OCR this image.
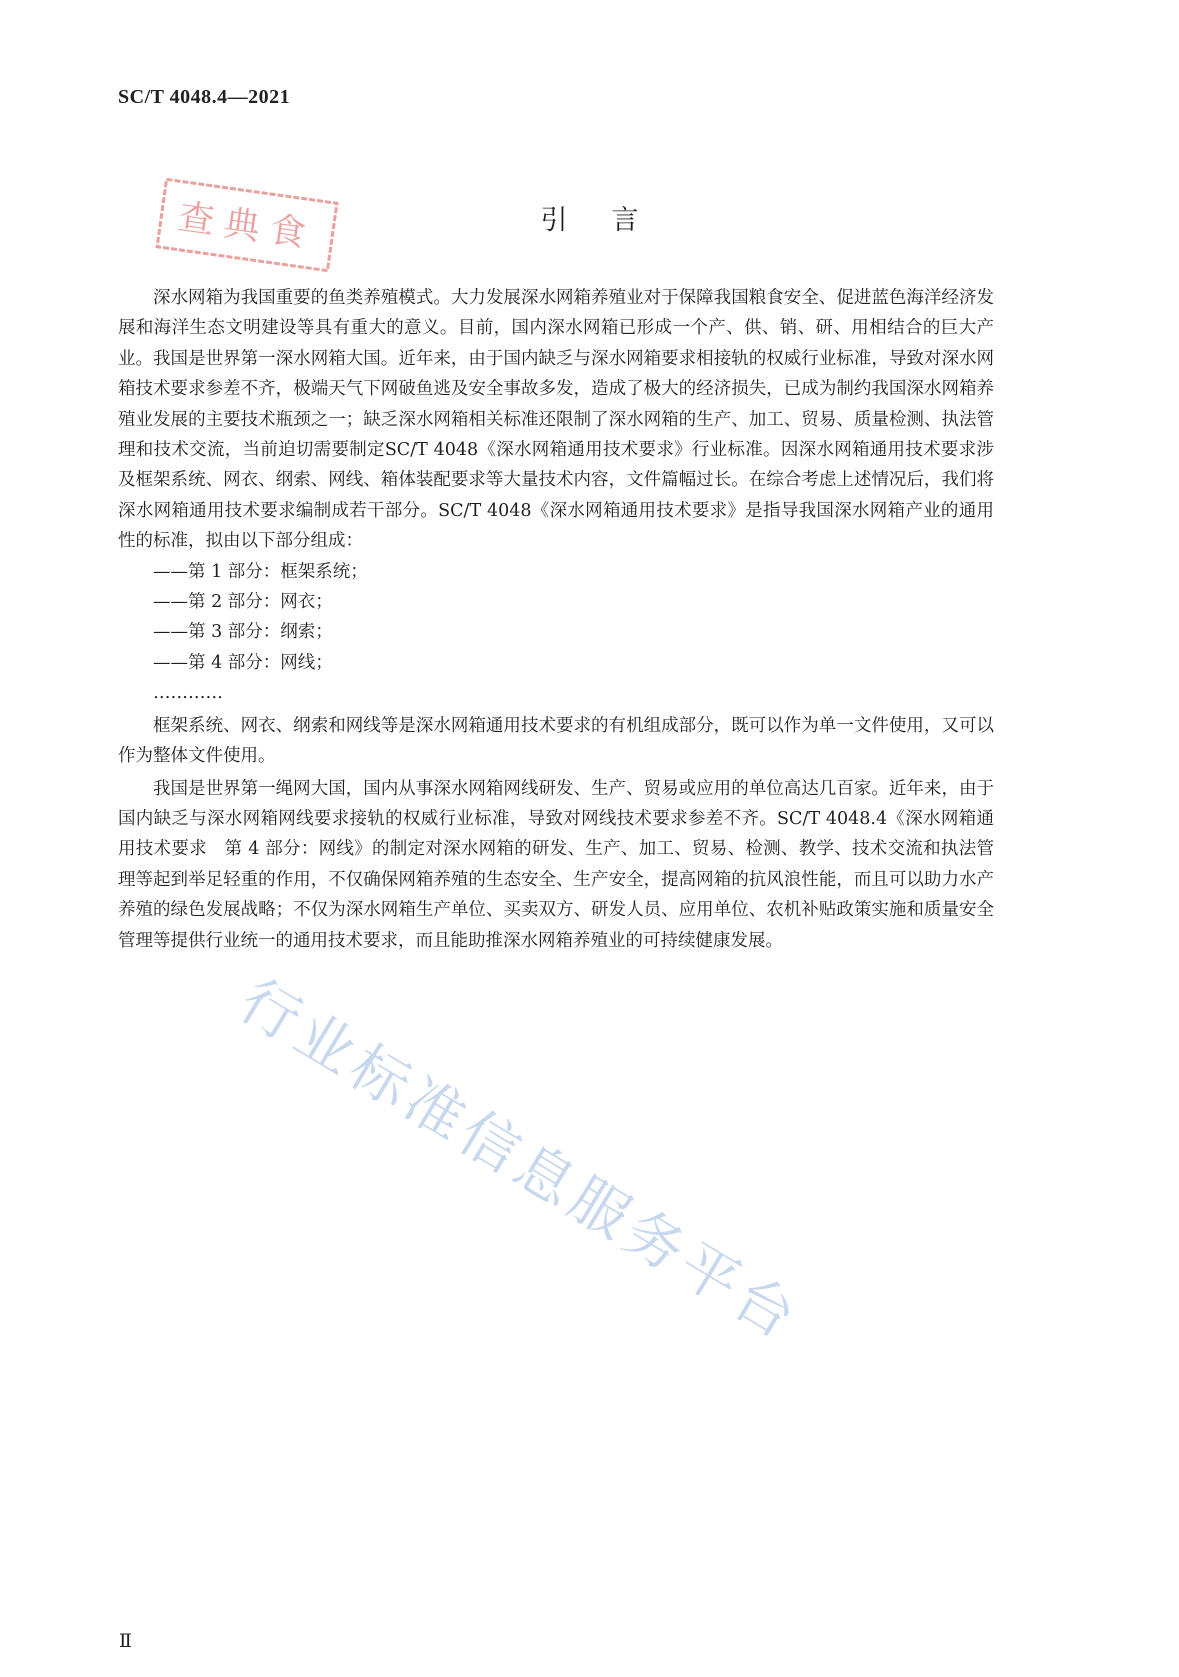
SC/T 4048.4—2021
查典食	引言

深水网箱为我国重要的鱼类养殖模式。大力发展深水网箱养殖业对于保障我国粮食安全、促进蓝色海洋经济发展和海洋生态文明建设等具有重大的意义。目前，国内深水网箱已形成一个产、供、销、研、用相结合的巨大产业。我国是世界第一深水网箱大国。近年来，由于国内缺乏与深水网箱要求相接轨的权威行业标准，导致对深水网箱技术要求参差不齐，极端天气下网破鱼逃及安全事故多发，造成了极大的经济损失，已成为制约我国深水网箱养殖业发展的主要技术瓶颈之一；缺乏深水网箱相关标准还限制了深水网箱的生产、加工、贸易、质量检测、执法管理和技术交流，当前迫切需要制定SC/T 4048《深水网箱通用技术要求》行业标准。因深水网箱通用技术要求涉及框架系统、网衣、纲索、网线、箱体装配要求等大量技术内容，文件篇幅过长。在综合考虑上述情况后，我们将深水网箱通用技术要求编制成若干部分。SC/T 4048《深水网箱通用技术要求》是指导我国深水网箱产业的通用性的标准，拟由以下部分组成：

——第 1 部分：框架系统；

——第 2 部分：网衣；

——第 3 部分：纲索；

——第 4 部分：网线；

…………

框架系统、网衣、纲索和网线等是深水网箱通用技术要求的有机组成部分，既可以作为单一文件使用，又可以作为整体文件使用。

我国是世界第一绳网大国，国内从事深水网箱网线研发、生产、贸易或应用的单位高达几百家。近年来，由于国内缺乏与深水网箱网线要求接轨的权威行业标准，导致对网线技术要求参差不齐。SC/T 4048.4《深水网箱通用技术要求　第 4 部分：网线》的制定对深水网箱的研发、生产、加工、贸易、检测、教学、技术交流和执法管理等起到举足轻重的作用，不仅确保网箱养殖的生态安全、生产安全，提高网箱的抗风浪性能，而且可以助力水产养殖的绿色发展战略；不仅为深水网箱生产单位、买卖双方、研发人员、应用单位、农机补贴政策实施和质量安全管理等提供行业统一的通用技术要求，而且能助推深水网箱养殖业的可持续健康发展。

行业标准信息服务平台
Ⅱ
